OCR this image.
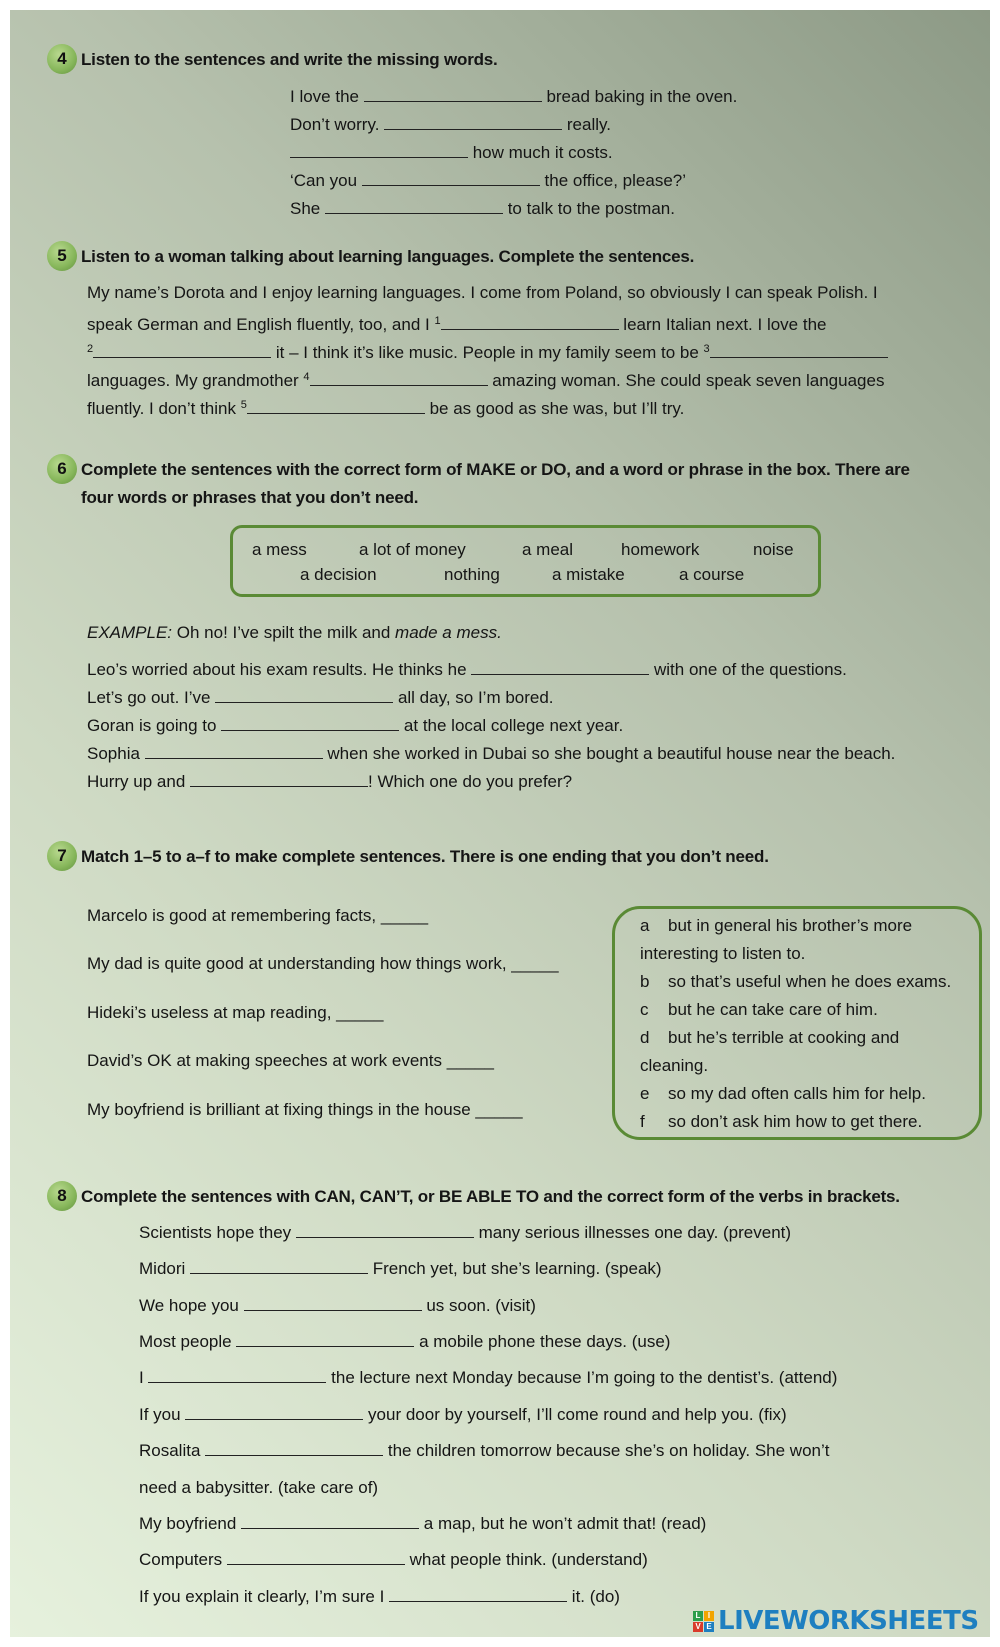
4 Listen to the sentences and write the missing words.
I love the	bread baking in the oven.
Don’t worry.	really.
how much it costs.
‘Can you	the office, please?’
She	to talk to the postman.
5 Listen to a woman talking about learning languages. Complete the sentences.
My name’s Dorota and I enjoy learning languages. I come from Poland, so obviously I can speak Polish. I
speak German and English fluently, too, and I $^1$	learn Italian next. I love the
$^2$	it – I think it’s like music. People in my family seem to be $^3$
languages. My grandmother $^4$	amazing woman. She could speak seven languages
fluently. I don’t think $^5$	be as good as she was, but I’ll try.
6 Complete the sentences with the correct form of MAKE or DO, and a word or phrase in the box. There are
four words or phrases that you don’t need.
a mess	a lot of money	a meal	homework	noise
a decision	nothing	a mistake	a course
EXAMPLE: Oh no! I’ve spilt the milk and made a mess.
Leo’s worried about his exam results. He thinks he	with one of the questions.
Let’s go out. I’ve	all day, so I’m bored.
Goran is going to	at the local college next year.
Sophia	when she worked in Dubai so she bought a beautiful house near the beach.
Hurry up and	! Which one do you prefer?
7 Match 1–5 to a–f to make complete sentences. There is one ending that you don’t need.
Marcelo is good at remembering facts, _____
My dad is quite good at understanding how things work, _____
Hideki’s useless at map reading, _____
David’s OK at making speeches at work events _____
My boyfriend is brilliant at fixing things in the house _____
a but in general his brother’s more
interesting to listen to.
b so that’s useful when he does exams.
c but he can take care of him.
d but he’s terrible at cooking and
cleaning.
e so my dad often calls him for help.
f so don’t ask him how to get there.
8 Complete the sentences with CAN, CAN’T, or BE ABLE TO and the correct form of the verbs in brackets.
Scientists hope they	many serious illnesses one day. (prevent)
Midori	French yet, but she’s learning. (speak)
We hope you	us soon. (visit)
Most people	a mobile phone these days. (use)
I	the lecture next Monday because I’m going to the dentist’s. (attend)
If you	your door by yourself, I’ll come round and help you. (fix)
Rosalita	the children tomorrow because she’s on holiday. She won’t
need a babysitter. (take care of)
My boyfriend	a map, but he won’t admit that! (read)
Computers	what people think. (understand)
If you explain it clearly, I’m sure I	it. (do)
L I
V E LIVEWORKSHEETS
